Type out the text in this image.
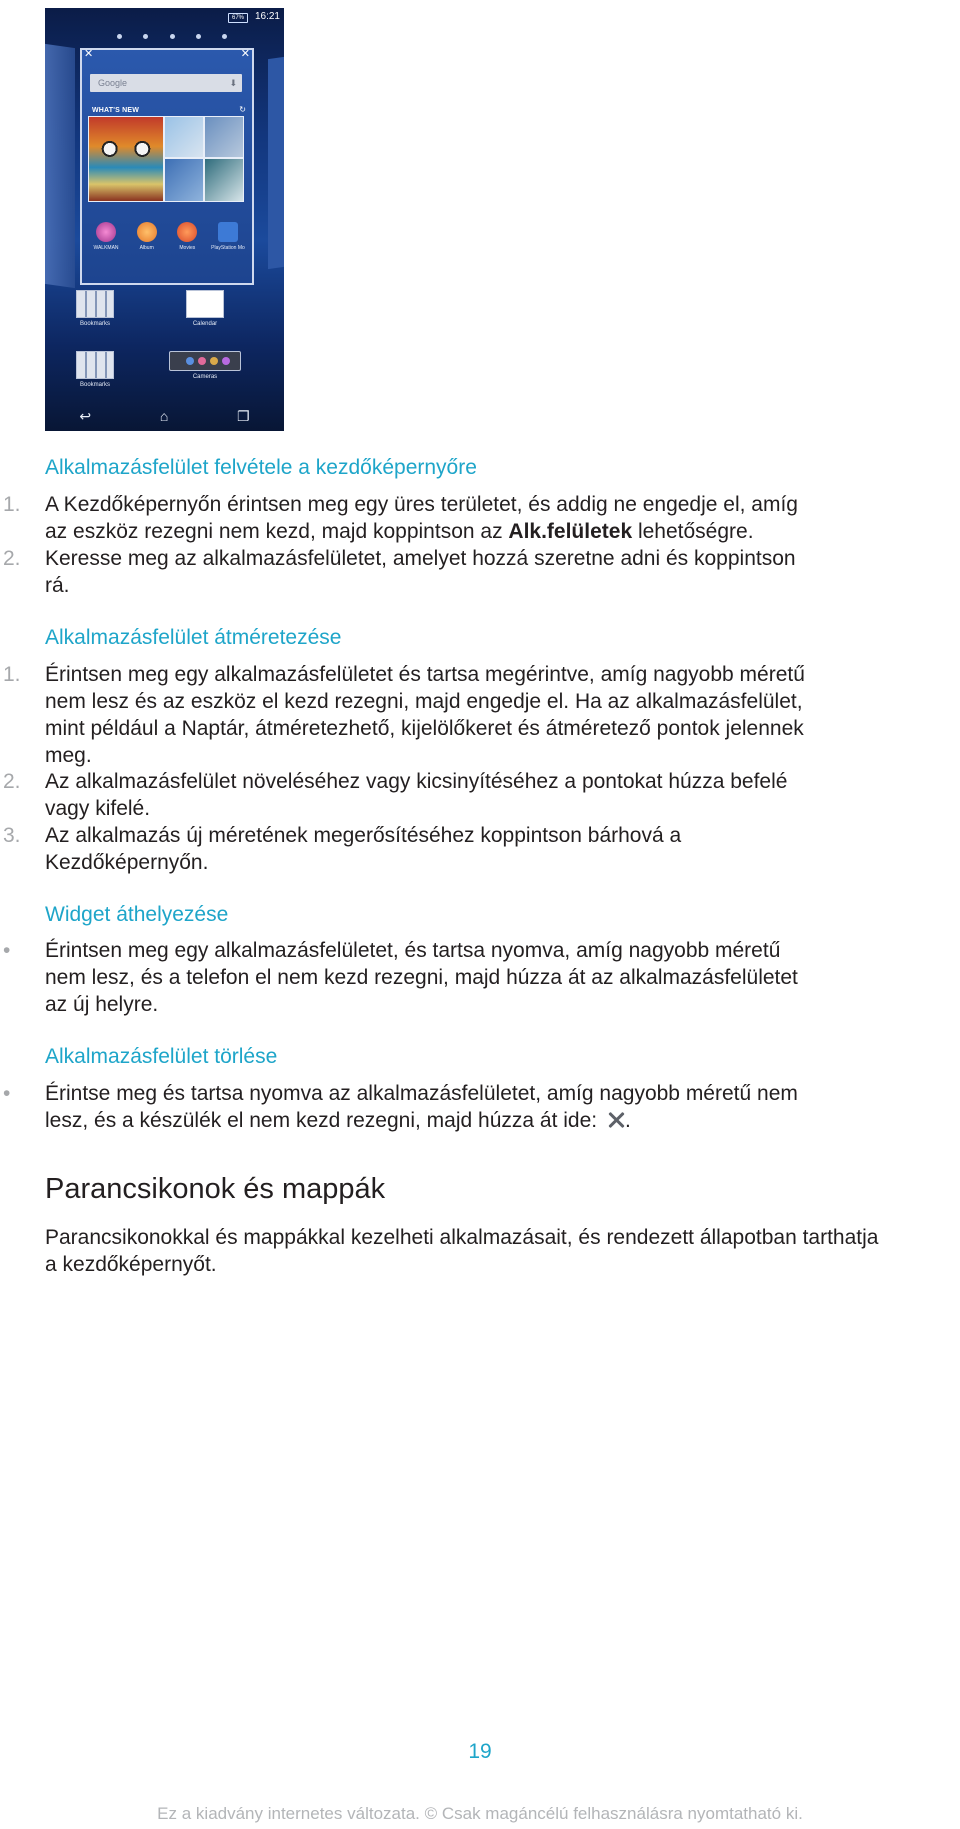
67%	16:21
✕	✕
Google	⬇
WHAT'S NEW	↻
WALKMAN	Album	Movies	PlayStation Mo
Bookmarks	Calendar
Bookmarks
Cameras
↩	⌂	❐
Alkalmazásfelület felvétele a kezdőképernyőre
1. A Kezdőképernyőn érintsen meg egy üres területet, és addig ne engedje el, amíg
az eszköz rezegni nem kezd, majd koppintson az Alk.felületek lehetőségre.
2. Keresse meg az alkalmazásfelületet, amelyet hozzá szeretne adni és koppintson
rá.
Alkalmazásfelület átméretezése
1. Érintsen meg egy alkalmazásfelületet és tartsa megérintve, amíg nagyobb méretű
nem lesz és az eszköz el kezd rezegni, majd engedje el. Ha az alkalmazásfelület,
mint például a Naptár, átméretezhető, kijelölőkeret és átméretező pontok jelennek
meg.
2. Az alkalmazásfelület növeléséhez vagy kicsinyítéséhez a pontokat húzza befelé
vagy kifelé.
3. Az alkalmazás új méretének megerősítéséhez koppintson bárhová a
Kezdőképernyőn.
Widget áthelyezése
• Érintsen meg egy alkalmazásfelületet, és tartsa nyomva, amíg nagyobb méretű
nem lesz, és a telefon el nem kezd rezegni, majd húzza át az alkalmazásfelületet
az új helyre.
Alkalmazásfelület törlése
• Érintse meg és tartsa nyomva az alkalmazásfelületet, amíg nagyobb méretű nem
lesz, és a készülék el nem kezd rezegni, majd húzza át ide: .
Parancsikonok és mappák
Parancsikonokkal és mappákkal kezelheti alkalmazásait, és rendezett állapotban tarthatja
a kezdőképernyőt.
19
Ez a kiadvány internetes változata. © Csak magáncélú felhasználásra nyomtatható ki.
